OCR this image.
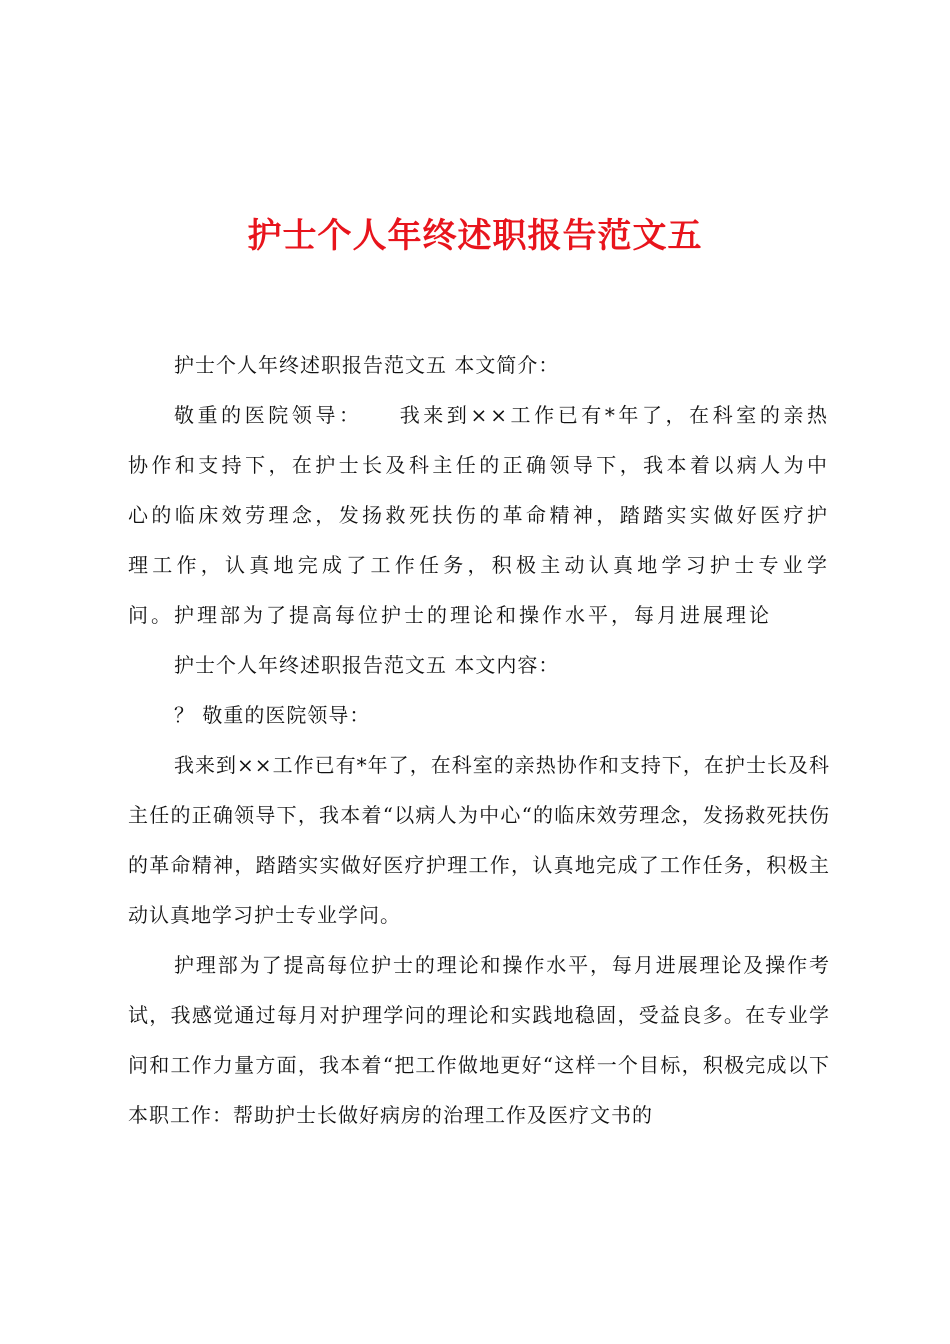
护士个人年终述职报告范文五

护士个人年终述职报告范文五 本文简介：

敬重的医院领导：　　我来到××工作已有*年了，在科室的亲热协作和支持下，在护士长及科主任的正确领导下，我本着以病人为中心的临床效劳理念，发扬救死扶伤的革命精神，踏踏实实做好医疗护理工作，认真地完成了工作任务，积极主动认真地学习护士专业学问。护理部为了提高每位护士的理论和操作水平，每月进展理论

护士个人年终述职报告范文五 本文内容：

？ 敬重的医院领导：

我来到××工作已有*年了，在科室的亲热协作和支持下，在护士长及科主任的正确领导下，我本着“以病人为中心“的临床效劳理念，发扬救死扶伤的革命精神，踏踏实实做好医疗护理工作，认真地完成了工作任务，积极主动认真地学习护士专业学问。

护理部为了提高每位护士的理论和操作水平，每月进展理论及操作考试，我感觉通过每月对护理学问的理论和实践地稳固，受益良多。在专业学问和工作力量方面，我本着“把工作做地更好“这样一个目标，积极完成以下本职工作：帮助护士长做好病房的治理工作及医疗文书的
